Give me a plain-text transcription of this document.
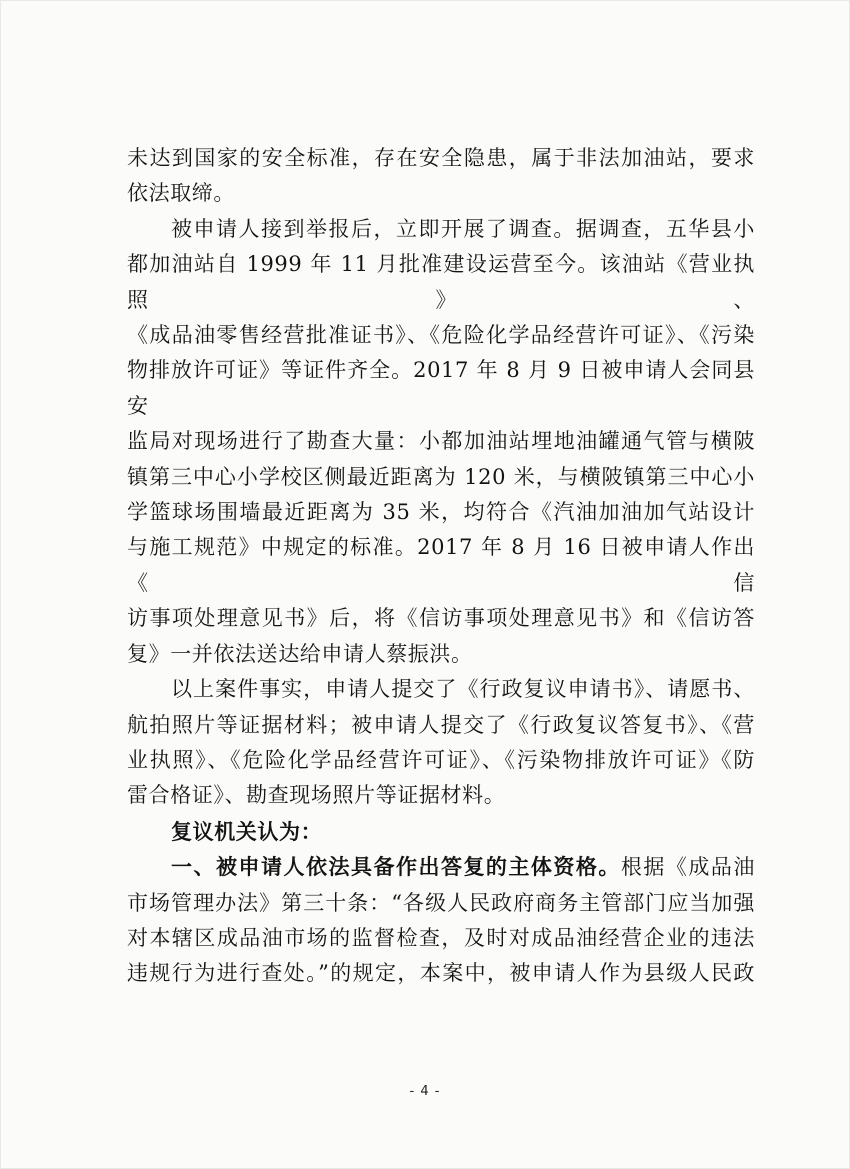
未达到国家的安全标准，存在安全隐患，属于非法加油站，要求
依法取缔。

被申请人接到举报后，立即开展了调查。据调查，五华县小
都加油站自 1999 年 11 月批准建设运营至今。该油站《营业执照》、
《成品油零售经营批准证书》、《危险化学品经营许可证》、《污染
物排放许可证》等证件齐全。2017 年 8 月 9 日被申请人会同县安
监局对现场进行了勘查大量：小都加油站埋地油罐通气管与横陂
镇第三中心小学校区侧最近距离为 120 米，与横陂镇第三中心小
学篮球场围墙最近距离为 35 米，均符合《汽油加油加气站设计
与施工规范》中规定的标准。2017 年 8 月 16 日被申请人作出《信
访事项处理意见书》后，将《信访事项处理意见书》和《信访答
复》一并依法送达给申请人蔡振洪。

以上案件事实，申请人提交了《行政复议申请书》、请愿书、
航拍照片等证据材料；被申请人提交了《行政复议答复书》、《营
业执照》、《危险化学品经营许可证》、《污染物排放许可证》《防
雷合格证》、勘查现场照片等证据材料。

复议机关认为：

一、被申请人依法具备作出答复的主体资格。根据《成品油
市场管理办法》第三十条：“各级人民政府商务主管部门应当加强
对本辖区成品油市场的监督检查，及时对成品油经营企业的违法
违规行为进行查处。”的规定，本案中，被申请人作为县级人民政

- 4 -
